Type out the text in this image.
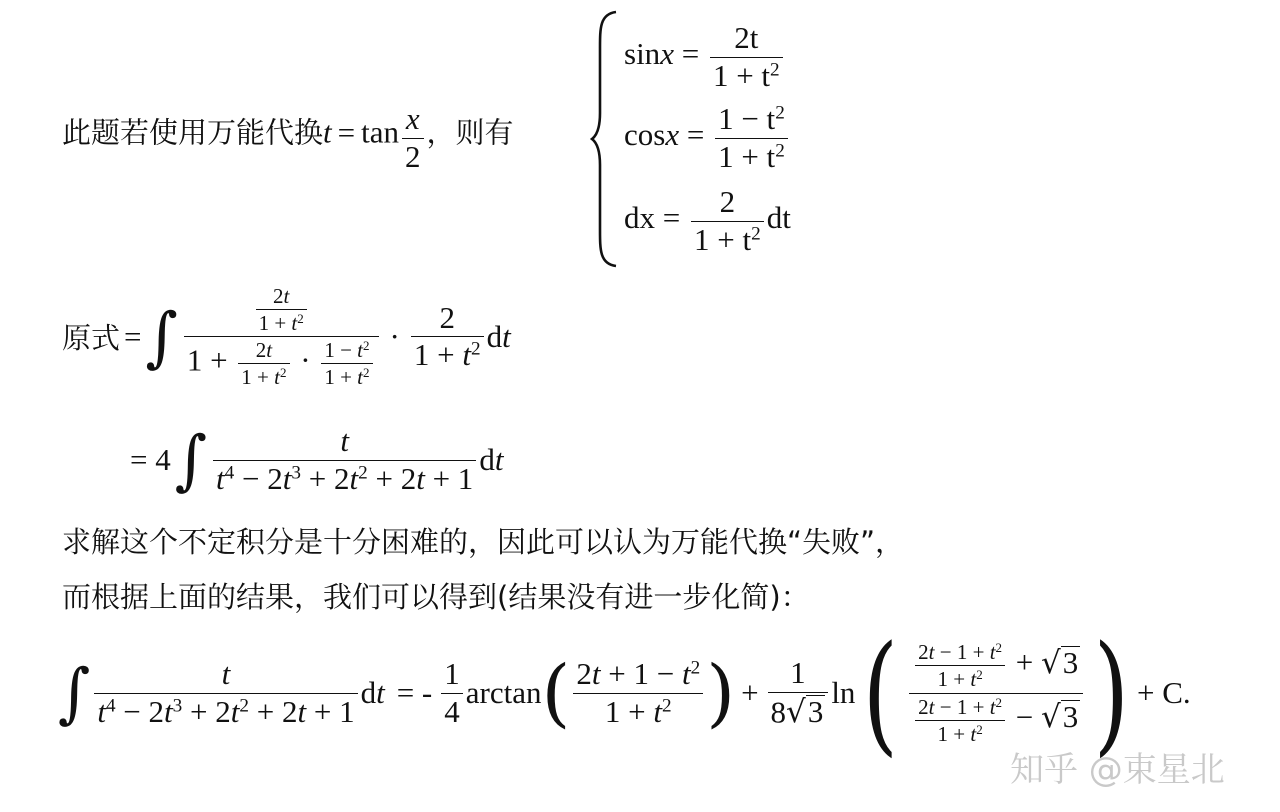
此题若使用万能代换$t = \tan \frac{x}{2}$ ，则有
$\sin x = \frac{2t}{1 + t^2}$
$\cos x = \frac{1 - t^2}{1 + t^2}$
dx = $\frac{2}{1 + t^2}$ dt
原式 = ∫ $\frac{\frac{2t}{1 + t^2}}{1 + \frac{2t}{1 + t^2} \cdot \frac{1 - t^2}{1 + t^2}} \cdot \frac{2}{1 + t^2}$ dt
= 4 ∫ $\frac{t}{t^4 - 2t^3 + 2t^2 + 2t + 1}$ dt
求解这个不定积分是十分困难的，因此可以认为万能代换“失败”，
而根据上面的结果，我们可以得到(结果没有进一步化简)：
∫ $\frac{t}{t^4 - 2t^3 + 2t^2 + 2t + 1}$ dt = - $\frac{1}{4}$ arctan ( $\frac{2t + 1 - t^2}{1 + t^2}$ ) + $\frac{1}{8 √ 3}$ ln ( $\frac{\frac{2t - 1 + t^2}{1 + t^2} + √ 3}{\frac{2t - 1 + t^2}{1 + t^2} - √ 3}$ ) + C.
知乎 @束星北
